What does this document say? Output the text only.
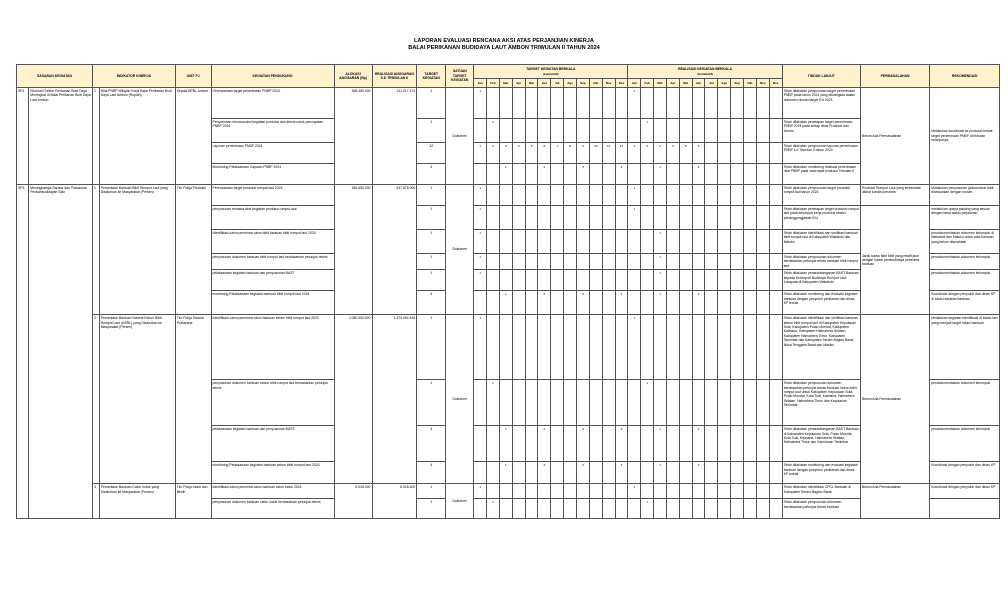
LAPORAN EVALUASI RENCANA AKSI ATAS PERJANJIAN KINERJA
BALAI PERIKANAN BUDIDAYA LAUT AMBON TRIWULAN II TAHUN 2024
SASARAN KEGIATAN		INDIKATOR KINERJA		UNIT PJ	KEGIATAN PENDUKUNG	ALOKASI ANGGARAN (Rp)	REALISASI ANGGARAN S.D TRIWULAN II	TARGET KEGIATAN	SATUAN TARGET KEGIATAN	TARGET KEGIATAN BERKALA
(kumulatif)												REALISASI KEGIATAN BERKALA
(kumulatif)												TINDAK LANJUT	PERMASALAHAN	REKOMENDASI
										Jan	Feb	Mar	Apr	Mei	Jun	Jul	Ags	Sep	Okt	Nov	Des	Jan	Feb	Mar	Apr	Mei	Jun	Jul	Ags	Sep	Okt	Nov	Des			
SP1	Ekonomi Sektor Perikanan Budi Daya Meningkat di Balai Perikanan Budi Daya Laut Ambon	1	Nilai PNBP Wilayah Kerja Balai Perikanan Budi Daya Laut Ambon (Rupiah)	Kepala BPBL Ambon	Perencanaan target penerimaan PNBP 2024	368.450.000	211.217.474	1	Dokumen	1												1												Telah dilakukan penyusunan target penerimaan PNBP pada tahun 2024 yang dituangkan dalam dokumen rincian target RU 2024	Belum Ada Permasalahan	Melakukan koordinasi ke produksi terkait target penerimaan PNBP di triwulan selanjutnya
					Penyusunan rencana aksi kegiatan produksi dan teknis untuk pencapaian PNBP 2024			1			1												1											Telah dilakukan penetapan target penerimaan PNBP 2024 pada setiap divisi Produksi dan Umum		
					Laporan penerimaan PNBP 2024			12		1	2	3	4	5	6	7	8	9	10	11	12	1	2	3	4	5	6							Telah dilakukan penyusunan laporan penerimaan PNBP s.d Triwulan II tahun 2024		
					Monitoring Pelaksanaan Capaian PNBP 2024			4				1			2			3			4			1			2							Telah dilakukan monitoring realisasi penerimaan nilai PNBP pada saat rapat evaluasi Triwulan II		
SP3	Meningkatnya Sarana dan Prasarana Perikanbudidayan Sain	1	Persentase Bantuan Bibit Rumput Laut yang Disalurkan ke Masyarakat (Persen)	Tim Pokja Produksi	Perencanaan target produksi rumput laut 2024	359.650.000	347.875.000	1	Dokumen	1												1												Telah dilakukan penyusunan target produksi rumput laut tahun 2024	Produksi Rumput Laut yang terkendala akibat kondisi perairan	Melakukan penyusunan jadwal tebar bibit disesuaikan dengan musim
					penyusunan rencana aksi kegiatan produksi rumput laut			1		1												1												Telah dilakukan penetapan target produksi rumput laut pada kelompok kerja produksi selaku penanggungjawab IKU	Jarak lokasi bibit bibit yang relatif jauh dengan lokasi pembudidaya penerima bantuan	melakukan upaya packing yang sesuai dengan lama waktu perjalanan
					Identifikasi calon penerima calon bibit bantuan bibit rumput laut 2024			1		1														1										Telah dilakukan identifikasi dan verifikasi bantuan bibit rumput laut di Kabupaten Wakatobi dan Maluku		pendokumentasian dokumen kelompok di Wakatobi dan Maluku untuk atas bantuan yang belum diserahkan
					penyusunan dokumen bantuan bibit rumput laut berdasarkan petunjuk teknis			1		1														1										Telah dilakukan penyusunan dokumen berdasarkan petunjuk teknis bantuan bibit rumput laut		pendokumentasian dokumen kelompok
					pelaksanaan kegiatan bantuan dan penyusunan BAST			1		1														1										Telah dilakukan penandatanganan BAST Bantuan kepada Kelompok Budidaya Rumput Laut Lokapata di Kabupaten Wakatobi		pendokumentasian dokumen kelompok
					monitoring Pelaksanaan kegiatan bantuan bibit rumput laut 2024			4				1			2			3			4			1			2							Telah dilakukan monitoring dan evaluasi kegiatan bantuan dengan penyuluh perikanan dan dinas KP terkait		Koordinasi dengan penyuluh dan dinas KP di lokasi sasaran bantuan
		2	Persentase Bantuan Sarana Kebun Bibit Rumput Laut (KBRL) yang Disalurkan ke Masyarakat (Persen)	Tim Pokja Sarana Prasarana	Identifikasi calon penerima calon bantuan kebun bibit rumput laut 2024	2.080.000.000	1.373.062.818	1	Dokumen	1												1												Telah dilakukan identifikasi dan verifikasi bantuan kebun bibit rumput laut di Kabupaten Kepulauan Sula, Kabupaten Pulau Morotai, Kabupaten Kaimana, Kabupaten Halmahera Selatan, Kabupaten Halmahera Timur, Kabupaten Tanimbar dan Kabupaten Seram Bagian Barat, Nusa Tenggara Barat dan Maluku	Belum Ada Permasalahan	Melakukan kegiatan identifikasi di lokasi lain yang menjadi target lokasi bantuan
					penyusunan dokumen bantuan kebun bibit rumput laut berdasarkan petunjuk teknis			1			1												1											Telah dilakukan penyusunan dokumen berdasarkan petunjuk teknis bantuan kebun bibit rumput laut untuk Kabupaten Kepulauan Sula, Pulau Morotai, Kota Tual, Kaimana, Halmahera Selatan, Halmahera Timur dan Kepulauan Tanimbar		pendokumentasian dokumen kelompok
					pelaksanaan kegiatan bantuan dan penyusunan BAST			4				1			2			3			4			1			2							Telah dilakukan penandatanganan BAST Bantuan di Kabupaten Kepulauan Sula, Pulau Morotai, Kota Tual, Kaimana, Halmahera Selatan, Halmahera Timur dan Kepulauan Tanimbar		pendokumentasian dokumen kelompok
					monitoring Pelaksanaan kegiatan bantuan kebun bibit rumput laut 2024			4				1			2			3			4			1			2							Telah dilakukan monitoring dan evaluasi kegiatan bantuan dengan penyuluh perikanan dan dinas KP terkait		Koordinasi dengan penyuluh dan dinas KP
		3	Persentase Bantuan Calon Induk yang Disalurkan ke Masyarakat (Persen)	Tim Pokja Induk dan Benih	Identifikasi calon penerima calon bantuan calon induk 2024	6.026.000	6.018.400	1	Dokumen	1												1												Telah dilakukan identifikasi CPCL Bantuan di Kabupaten Seram Bagian Barat	Belum Ada Permasalahan	Koordinasi dengan penyuluh dan dinas KP
					penyusunan dokumen bantuan calon induk berdasarkan petunjuk teknis			1			1												1											Telah dilakukan penyusunan dokumen berdasarkan petunjuk teknis bantuan		
